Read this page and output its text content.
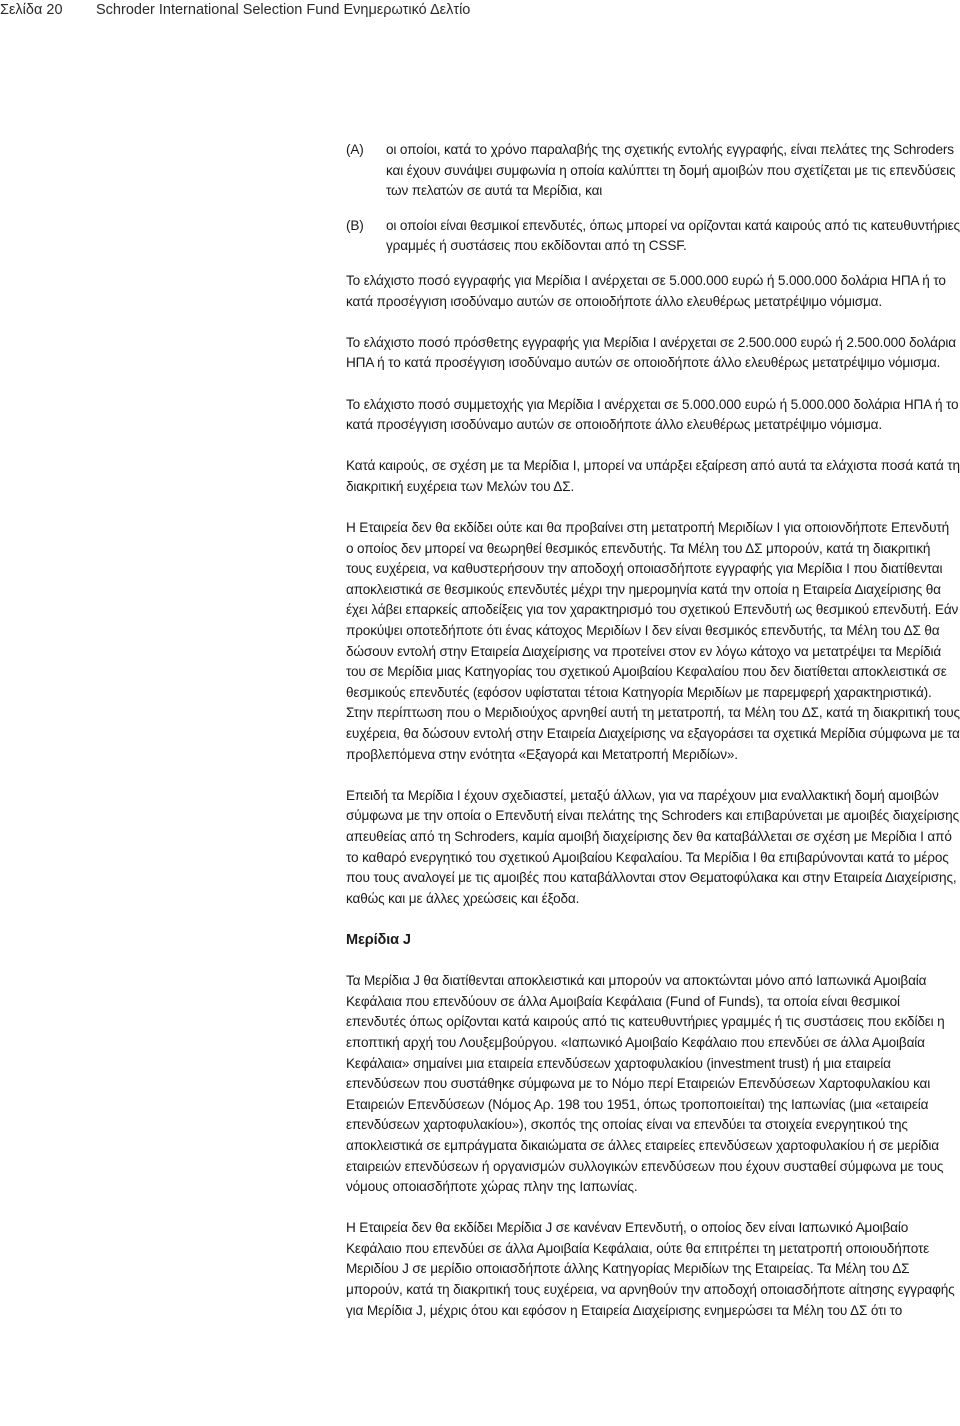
Σελίδα 20 Schroder International Selection Fund Ενημερωτικό Δελτίο
(A) οι οποίοι, κατά το χρόνο παραλαβής της σχετικής εντολής εγγραφής, είναι πελάτες της Schroders και έχουν συνάψει συμφωνία η οποία καλύπτει τη δομή αμοιβών που σχετίζεται με τις επενδύσεις των πελατών σε αυτά τα Μερίδια, και
(B) οι οποίοι είναι θεσμικοί επενδυτές, όπως μπορεί να ορίζονται κατά καιρούς από τις κατευθυντήριες γραμμές ή συστάσεις που εκδίδονται από τη CSSF.

Το ελάχιστο ποσό εγγραφής για Μερίδια I ανέρχεται σε 5.000.000 ευρώ ή 5.000.000 δολάρια ΗΠΑ ή το κατά προσέγγιση ισοδύναμο αυτών σε οποιοδήποτε άλλο ελευθέρως μετατρέψιμο νόμισμα.

Το ελάχιστο ποσό πρόσθετης εγγραφής για Μερίδια I ανέρχεται σε 2.500.000 ευρώ ή 2.500.000 δολάρια ΗΠΑ ή το κατά προσέγγιση ισοδύναμο αυτών σε οποιοδήποτε άλλο ελευθέρως μετατρέψιμο νόμισμα.

Το ελάχιστο ποσό συμμετοχής για Μερίδια I ανέρχεται σε 5.000.000 ευρώ ή 5.000.000 δολάρια ΗΠΑ ή το κατά προσέγγιση ισοδύναμο αυτών σε οποιοδήποτε άλλο ελευθέρως μετατρέψιμο νόμισμα.

Κατά καιρούς, σε σχέση με τα Μερίδια I, μπορεί να υπάρξει εξαίρεση από αυτά τα ελάχιστα ποσά κατά τη διακριτική ευχέρεια των Μελών του ΔΣ.

Η Εταιρεία δεν θα εκδίδει ούτε και θα προβαίνει στη μετατροπή Μεριδίων I για οποιονδήποτε Επενδυτή ο οποίος δεν μπορεί να θεωρηθεί θεσμικός επενδυτής. Τα Μέλη του ΔΣ μπορούν, κατά τη διακριτική τους ευχέρεια, να καθυστερήσουν την αποδοχή οποιασδήποτε εγγραφής για Μερίδια I που διατίθενται αποκλειστικά σε θεσμικούς επενδυτές μέχρι την ημερομηνία κατά την οποία η Εταιρεία Διαχείρισης θα έχει λάβει επαρκείς αποδείξεις για τον χαρακτηρισμό του σχετικού Επενδυτή ως θεσμικού επενδυτή. Εάν προκύψει οποτεδήποτε ότι ένας κάτοχος Μεριδίων I δεν είναι θεσμικός επενδυτής, τα Μέλη του ΔΣ θα δώσουν εντολή στην Εταιρεία Διαχείρισης να προτείνει στον εν λόγω κάτοχο να μετατρέψει τα Μερίδιά του σε Μερίδια μιας Κατηγορίας του σχετικού Αμοιβαίου Κεφαλαίου που δεν διατίθεται αποκλειστικά σε θεσμικούς επενδυτές (εφόσον υφίσταται τέτοια Κατηγορία Μεριδίων με παρεμφερή χαρακτηριστικά). Στην περίπτωση που ο Μεριδιούχος αρνηθεί αυτή τη μετατροπή, τα Μέλη του ΔΣ, κατά τη διακριτική τους ευχέρεια, θα δώσουν εντολή στην Εταιρεία Διαχείρισης να εξαγοράσει τα σχετικά Μερίδια σύμφωνα με τα προβλεπόμενα στην ενότητα «Εξαγορά και Μετατροπή Μεριδίων».

Επειδή τα Μερίδια I έχουν σχεδιαστεί, μεταξύ άλλων, για να παρέχουν μια εναλλακτική δομή αμοιβών σύμφωνα με την οποία ο Επενδυτή είναι πελάτης της Schroders και επιβαρύνεται με αμοιβές διαχείρισης απευθείας από τη Schroders, καμία αμοιβή διαχείρισης δεν θα καταβάλλεται σε σχέση με Μερίδια I από το καθαρό ενεργητικό του σχετικού Αμοιβαίου Κεφαλαίου. Τα Μερίδια I θα επιβαρύνονται κατά το μέρος που τους αναλογεί με τις αμοιβές που καταβάλλονται στον Θεματοφύλακα και στην Εταιρεία Διαχείρισης, καθώς και με άλλες χρεώσεις και έξοδα.

Μερίδια J

Τα Μερίδια J θα διατίθενται αποκλειστικά και μπορούν να αποκτώνται μόνο από Ιαπωνικά Αμοιβαία Κεφάλαια που επενδύουν σε άλλα Αμοιβαία Κεφάλαια (Fund of Funds), τα οποία είναι θεσμικοί επενδυτές όπως ορίζονται κατά καιρούς από τις κατευθυντήριες γραμμές ή τις συστάσεις που εκδίδει η εποπτική αρχή του Λουξεμβούργου. «Ιαπωνικό Αμοιβαίο Κεφάλαιο που επενδύει σε άλλα Αμοιβαία Κεφάλαια» σημαίνει μια εταιρεία επενδύσεων χαρτοφυλακίου (investment trust) ή μια εταιρεία επενδύσεων που συστάθηκε σύμφωνα με το Νόμο περί Εταιρειών Επενδύσεων Χαρτοφυλακίου και Εταιρειών Επενδύσεων (Νόμος Αρ. 198 του 1951, όπως τροποποιείται) της Ιαπωνίας (μια «εταιρεία επενδύσεων χαρτοφυλακίου»), σκοπός της οποίας είναι να επενδύει τα στοιχεία ενεργητικού της αποκλειστικά σε εμπράγματα δικαιώματα σε άλλες εταιρείες επενδύσεων χαρτοφυλακίου ή σε μερίδια εταιρειών επενδύσεων ή οργανισμών συλλογικών επενδύσεων που έχουν συσταθεί σύμφωνα με τους νόμους οποιασδήποτε χώρας πλην της Ιαπωνίας.

Η Εταιρεία δεν θα εκδίδει Μερίδια J σε κανέναν Επενδυτή, ο οποίος δεν είναι Ιαπωνικό Αμοιβαίο Κεφάλαιο που επενδύει σε άλλα Αμοιβαία Κεφάλαια, ούτε θα επιτρέπει τη μετατροπή οποιουδήποτε Μεριδίου J σε μερίδιο οποιασδήποτε άλλης Κατηγορίας Μεριδίων της Εταιρείας. Τα Μέλη του ΔΣ μπορούν, κατά τη διακριτική τους ευχέρεια, να αρνηθούν την αποδοχή οποιασδήποτε αίτησης εγγραφής για Μερίδια J, μέχρις ότου και εφόσον η Εταιρεία Διαχείρισης ενημερώσει τα Μέλη του ΔΣ ότι το
